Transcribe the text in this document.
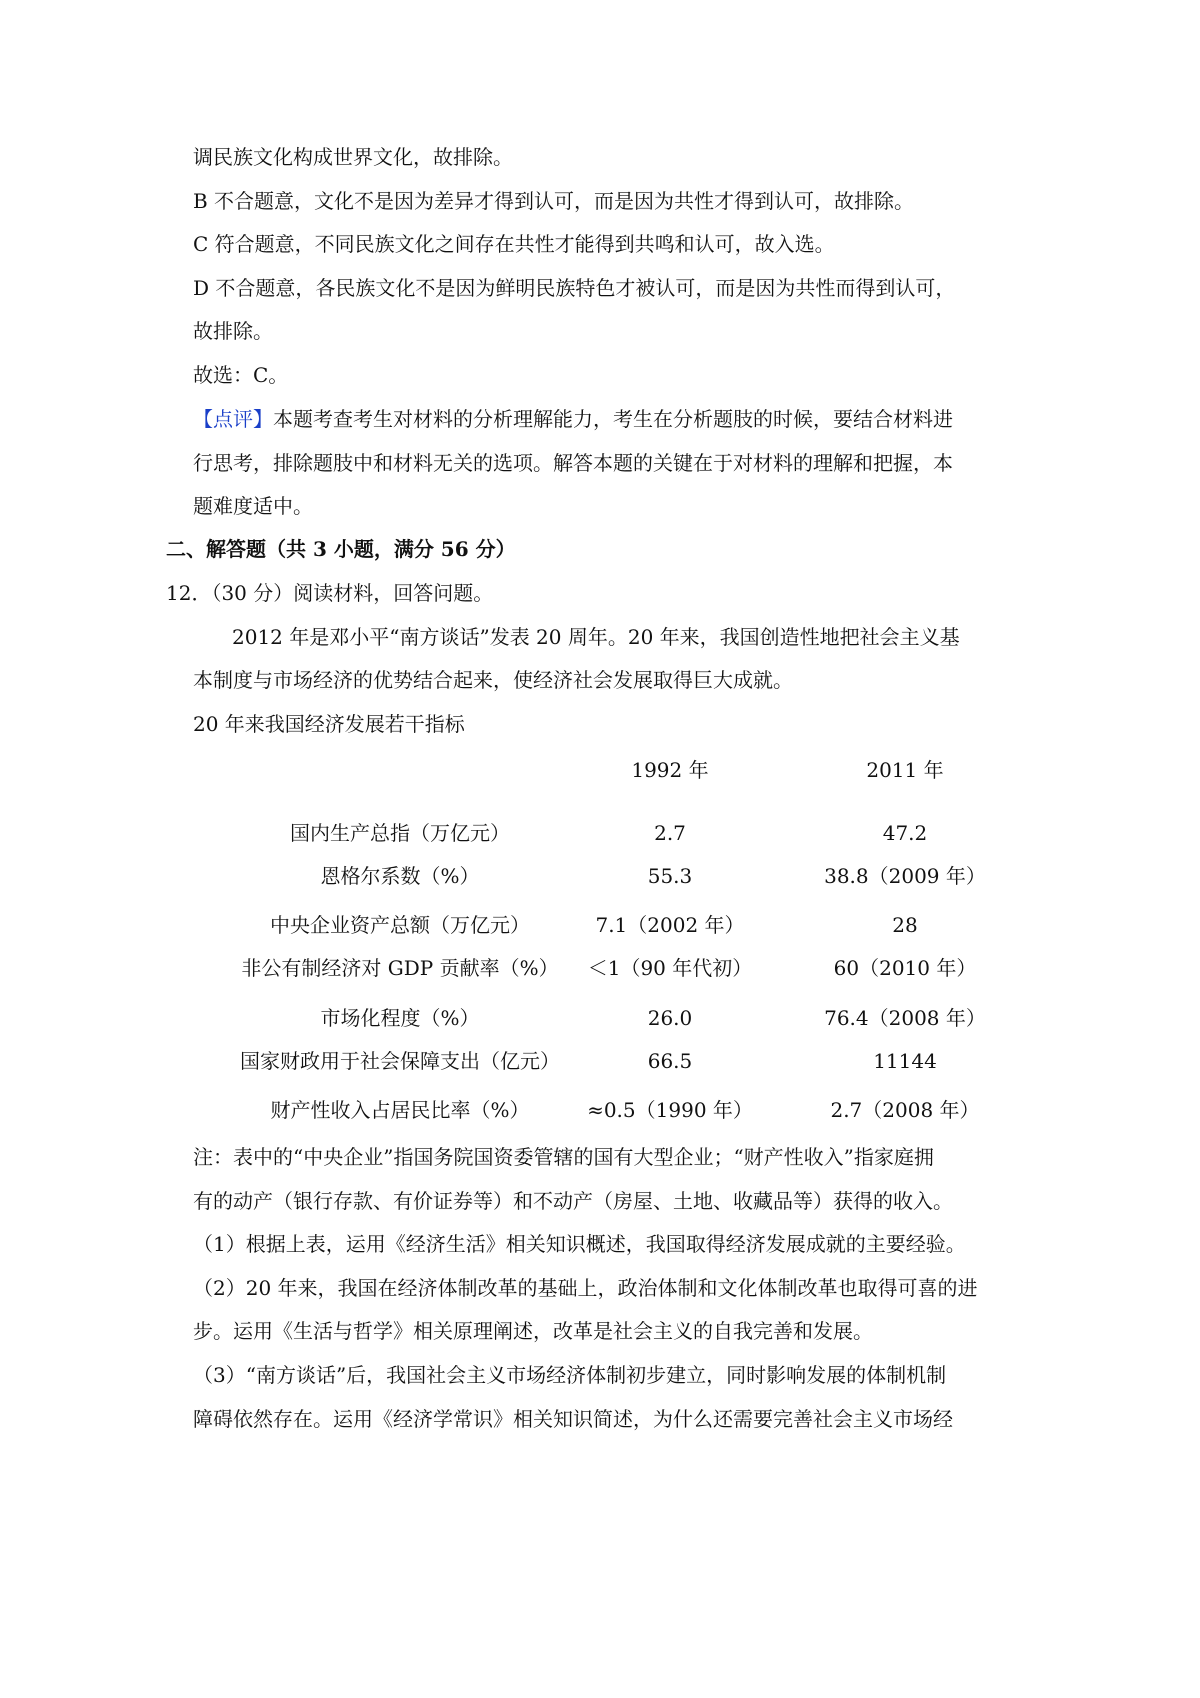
调民族文化构成世界文化，故排除。
B 不合题意，文化不是因为差异才得到认可，而是因为共性才得到认可，故排除。
C 符合题意，不同民族文化之间存在共性才能得到共鸣和认可，故入选。
D 不合题意，各民族文化不是因为鲜明民族特色才被认可，而是因为共性而得到认可，
故排除。
故选：C。
【点评】本题考查考生对材料的分析理解能力，考生在分析题肢的时候，要结合材料进
行思考，排除题肢中和材料无关的选项。解答本题的关键在于对材料的理解和把握，本
题难度适中。
二、解答题（共 3 小题，满分 56 分）
12．（30 分）阅读材料，回答问题。
2012 年是邓小平“南方谈话”发表 20 周年。20 年来，我国创造性地把社会主义基
本制度与市场经济的优势结合起来，使经济社会发展取得巨大成就。
20 年来我国经济发展若干指标
1992 年	2011 年
国内生产总指（万亿元）	2.7	47.2
恩格尔系数（%）	55.3	38.8（2009 年）
中央企业资产总额（万亿元）	7.1（2002 年）	28
非公有制经济对 GDP 贡献率（%）	＜1（90 年代初）	60（2010 年）
市场化程度（%）	26.0	76.4（2008 年）
国家财政用于社会保障支出（亿元）	66.5	11144
财产性收入占居民比率（%）	≈0.5（1990 年）	2.7（2008 年）
注：表中的“中央企业”指国务院国资委管辖的国有大型企业；“财产性收入”指家庭拥
有的动产（银行存款、有价证券等）和不动产（房屋、土地、收藏品等）获得的收入。
（1）根据上表，运用《经济生活》相关知识概述，我国取得经济发展成就的主要经验。
（2）20 年来，我国在经济体制改革的基础上，政治体制和文化体制改革也取得可喜的进
步。运用《生活与哲学》相关原理阐述，改革是社会主义的自我完善和发展。
（3）“南方谈话”后，我国社会主义市场经济体制初步建立，同时影响发展的体制机制
障碍依然存在。运用《经济学常识》相关知识简述，为什么还需要完善社会主义市场经
